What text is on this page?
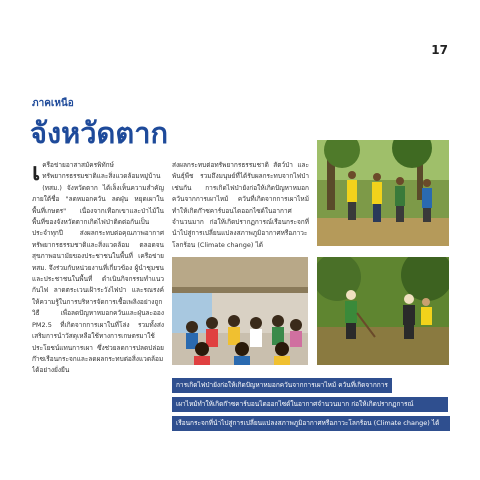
17
ภาคเหนือ
จังหวัดตาก
เ ครือข่ายอาสาสมัครพิทักษ์ทรัพยากรธรรมชาติและสิ่งแวดล้อมหมู่บ้าน (ทสม.) จังหวัดตาก ได้เล็งเห็นความสำคัญภายใต้ชื่อ "ลดหมอกควัน ลดฝุ่น หยุดเผาในพื้นที่เกษตร" เนื่องจากเทือกเขาและป่าไม้ในพื้นที่ของจังหวัดตากเกิดไฟป่าติดต่อกันเป็นประจำทุกปี ส่งผลกระทบต่อคุณภาพอากาศ ทรัพยากรธรรมชาติและสิ่งแวดล้อม ตลอดจนสุขภาพอนามัยของประชาชนในพื้นที่ เครือข่าย ทสม. จึงร่วมกับหน่วยงานที่เกี่ยวข้อง ผู้นำชุมชน และประชาชนในพื้นที่ ดำเนินกิจกรรมทำแนวกันไฟ ลาดตระเวนเฝ้าระวังไฟป่า และรณรงค์ให้ความรู้ในการบริหารจัดการเชื้อเพลิงอย่างถูกวิธี เพื่อลดปัญหาหมอกควันและฝุ่นละออง PM2.5 ที่เกิดจากการเผาในที่โล่ง รวมทั้งส่งเสริมการนำวัสดุเหลือใช้ทางการเกษตรมาใช้ประโยชน์แทนการเผา ซึ่งช่วยลดการปลดปล่อยก๊าซเรือนกระจกและลดผลกระทบต่อสิ่งแวดล้อมได้อย่างยั่งยืน

ส่งผลกระทบต่อทรัพยากรธรรมชาติ สัตว์ป่า และพันธุ์พืช รวมถึงมนุษย์ที่ได้รับผลกระทบจากไฟป่าเช่นกัน การเกิดไฟป่ายังก่อให้เกิดปัญหาหมอกควันจากการเผาไหม้ ควันที่เกิดจากการเผาไหม้ทำให้เกิดก๊าซคาร์บอนไดออกไซด์ในอากาศจำนวนมาก ก่อให้เกิดปรากฏการณ์เรือนกระจกที่นำไปสู่การเปลี่ยนแปลงสภาพภูมิอากาศหรือภาวะโลกร้อน (Climate change) ได้

การเกิดไฟป่ายังก่อให้เกิดปัญหาหมอกควันจากการเผาไหม้ ควันที่เกิดจากการ
เผาไหม้ทำให้เกิดก๊าซคาร์บอนไดออกไซด์ในอากาศจำนวนมาก ก่อให้เกิดปรากฏการณ์
เรือนกระจกที่นำไปสู่การเปลี่ยนแปลงสภาพภูมิอากาศหรือภาวะโลกร้อน (Climate change) ได้
